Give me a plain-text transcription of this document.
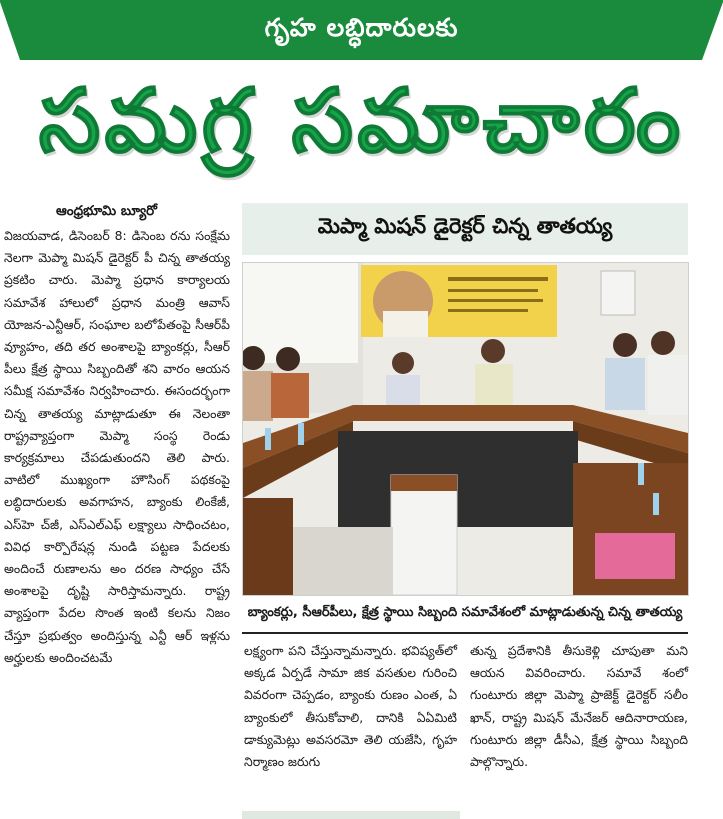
గృహ లబ్ధిదారులకు
సమగ్ర సమాచారం
ఆంధ్రభూమి బ్యూరో

విజయవాడ, డిసెంబర్ 8: డిసెంబ రను సంక్షేమ నెలగా మెప్మా మిషన్ డైరెక్టర్ పీ చిన్న తాతయ్య ప్రకటిం చారు. మెప్మా ప్రధాన కార్యాలయ సమావేశ హాలులో ప్రధాన మంత్రి ఆవాస్ యోజన-ఎన్టీఆర్, సంఘాల బలోపేతంపై సీఆర్‌పీ వ్యూహం, తది తర అంశాలపై బ్యాంకర్లు, సీఆర్ పీలు క్షేత్ర స్థాయి సిబ్బందితో శని వారం ఆయన సమీక్ష సమావేశం నిర్వహించారు. ఈసందర్భంగా చిన్న తాతయ్య మాట్లాడుతూ ఈ నెలంతా రాష్ట్రవ్యాప్తంగా మెప్మా సంస్థ రెండు కార్యక్రమాలు చేపడుతుందని తెలి పారు. వాటిలో ముఖ్యంగా హౌసింగ్ పథకంపై లబ్ధిదారులకు అవగాహన, బ్యాంకు లింకేజీ, ఎస్‌హె చ్‌జీ, ఎస్ఎల్‌ఎఫ్‌ లక్ష్యాలు సాధించటం, వివిధ కార్పొరేషన్ల నుండి పట్టణ పేదలకు అందించే రుణాలను అం దరణ సాధ్యం చేసే అంశాలపై దృష్టి సారిస్తామన్నారు. రాష్ట్ర వ్యాప్తంగా పేదల సొంత ఇంటి కలను నిజం చేస్తూ ప్రభుత్వం అందిస్తున్న ఎన్టీ ఆర్ ఇళ్లను అర్హులకు అందించటమే

మెప్మా మిషన్ డైరెక్టర్ చిన్న తాతయ్య
బ్యాంకర్లు, సీఆర్‌పీలు, క్షేత్ర స్థాయి సిబ్బంది సమావేశంలో మాట్లాడుతున్న చిన్న తాతయ్య

లక్ష్యంగా పని చేస్తున్నామన్నారు. భవిష్యత్‌లో అక్కడ ఏర్పడే సామా జిక వసతుల గురించి వివరంగా చెప్పడం, బ్యాంకు రుణం ఎంత, ఏ బ్యాంకులో తీసుకోవాలి, దానికి ఏఏమిటి డాక్యుమెట్లు అవసరమో తెలి యజేసి, గృహ నిర్మాణం జరుగు

తున్న ప్రదేశానికి తీసుకెళ్లి చూపుతా మని ఆయన వివరించారు. సమావే శంలో గుంటూరు జిల్లా మెప్మా ప్రాజెక్ట్ డైరెక్టర్ సలీం ఖాన్, రాష్ట్ర మిషన్ మేనేజర్ ఆదినారాయణ, గుంటూరు జిల్లా డీసీఎ, క్షేత్ర స్థాయి సిబ్బంది పాల్గొన్నారు.
